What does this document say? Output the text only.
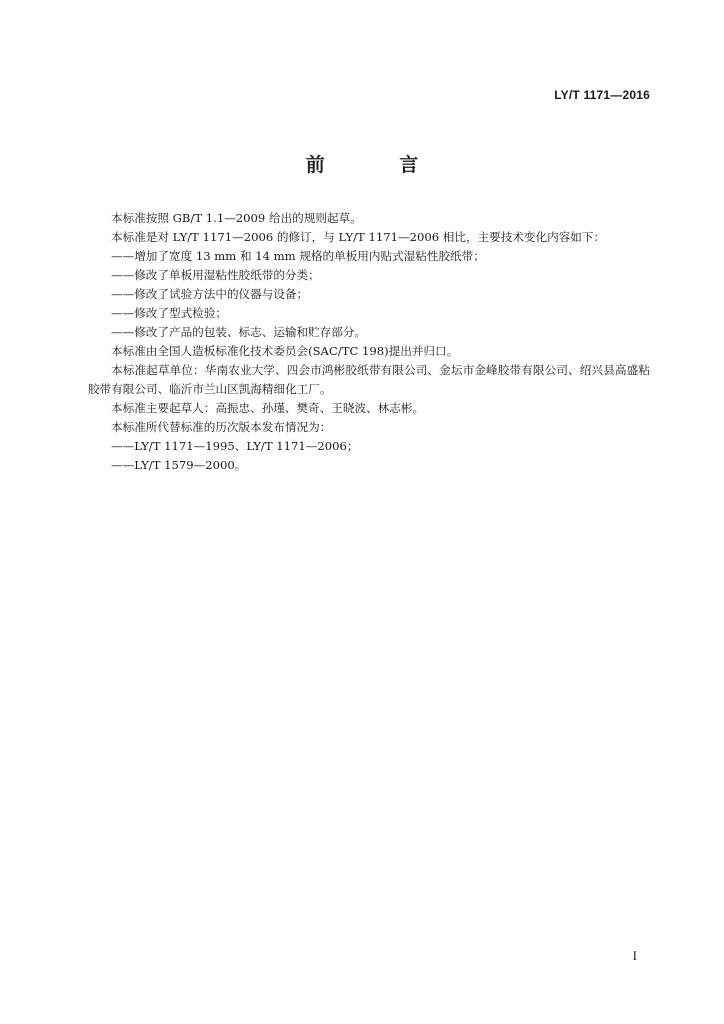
LY/T 1171—2016
前 言

本标准按照 GB/T 1.1—2009 给出的规则起草。

本标准是对 LY/T 1171—2006 的修订，与 LY/T 1171—2006 相比，主要技术变化内容如下：

——增加了宽度 13 mm 和 14 mm 规格的单板用内贴式湿粘性胶纸带；

——修改了单板用湿粘性胶纸带的分类；

——修改了试验方法中的仪器与设备；

——修改了型式检验；

——修改了产品的包装、标志、运输和贮存部分。

本标准由全国人造板标准化技术委员会(SAC/TC 198)提出并归口。

本标准起草单位：华南农业大学、四会市鸿彬胶纸带有限公司、金坛市金峰胶带有限公司、绍兴县高盛粘胶带有限公司、临沂市兰山区凯海精细化工厂。

本标准主要起草人：高振忠、孙瑾、樊奇、王晓波、林志彬。

本标准所代替标准的历次版本发布情况为：

——LY/T 1171—1995、LY/T 1171—2006；

——LY/T 1579—2000。

I
